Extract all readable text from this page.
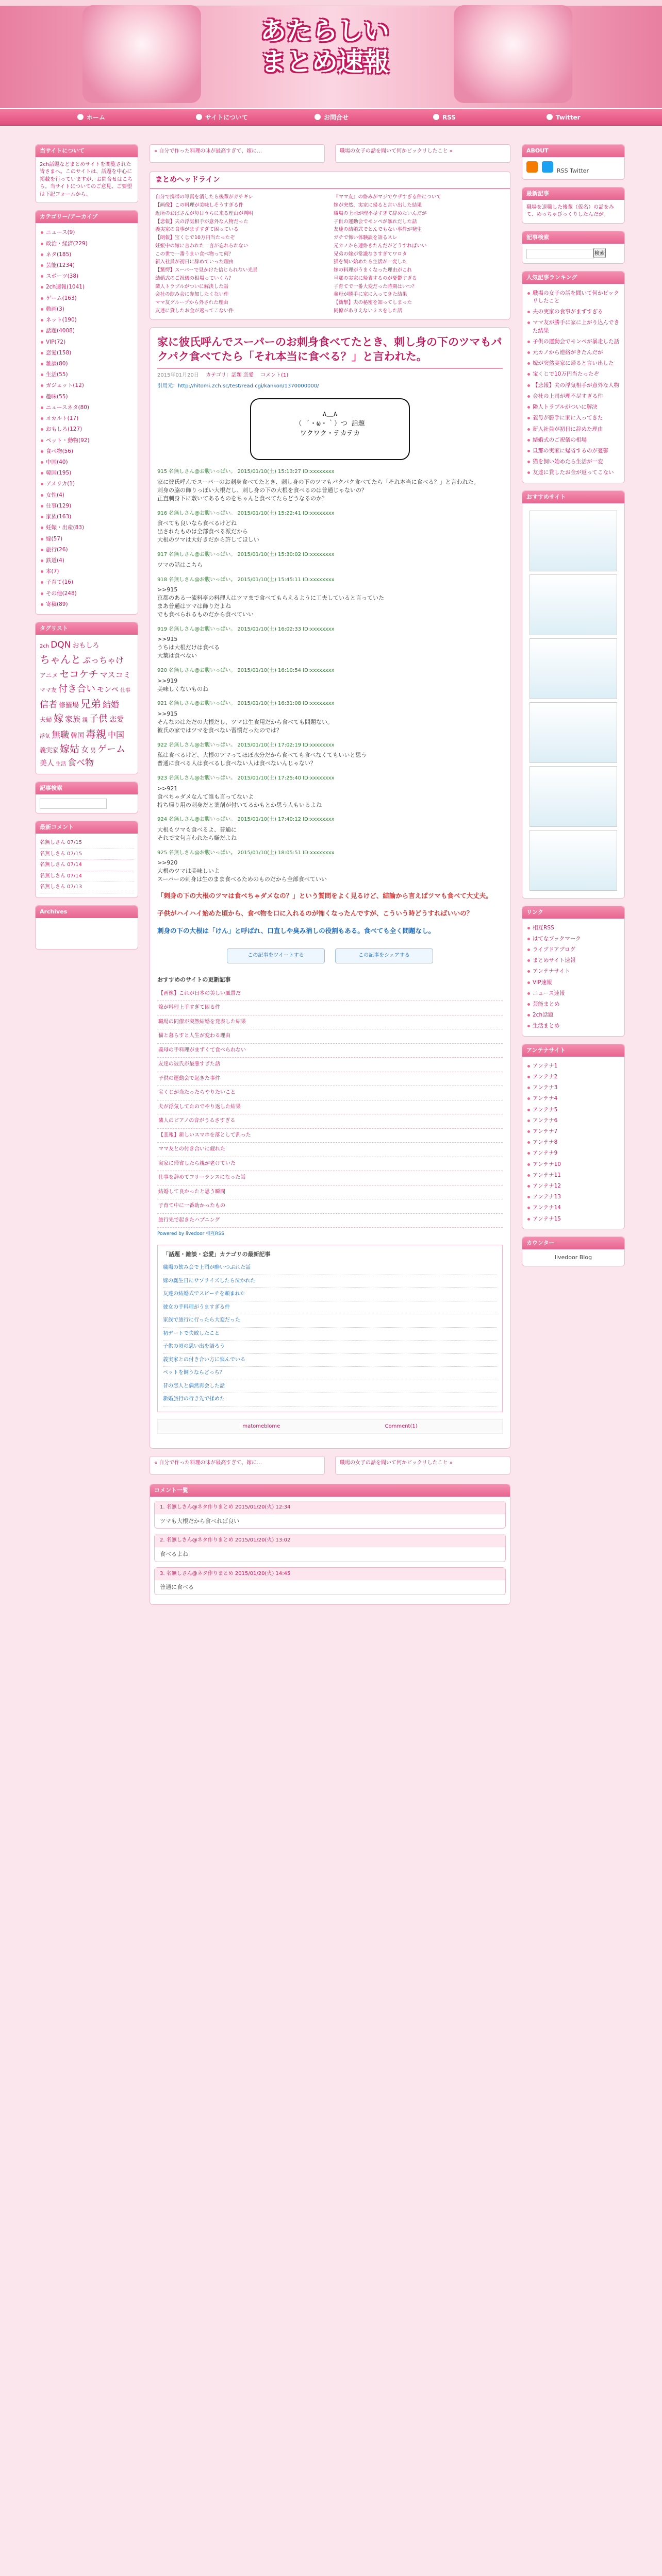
あたらしい
まとめ速報
ホーム	サイトについて	お問合せ	RSS	Twitter
当サイトについて
2ch話題などまとめサイトを閲覧された皆さまへ。このサイトは、話題を中心に掲載を行っていますが、お問合せはこちら。当サイトについてのご意見、ご要望は下記フォームから。
カテゴリー/アーカイブ
ニュース(9)
政治・経済(229)
ネタ(185)
芸能(1234)
スポーツ(38)
2ch速報(1041)
ゲーム(163)
動画(3)
ネット(190)
話題(4008)
VIP(72)
恋愛(158)
雑談(80)
生活(55)
ガジェット(12)
趣味(55)
ニュースネタ(80)
オカルト(17)
おもしろ(127)
ペット・動物(92)
食べ物(56)
中国(40)
韓国(195)
アメリカ(1)
女性(4)
仕事(129)
家族(163)
妊娠・出産(83)
嫁(57)
旅行(26)
鉄道(4)
本(7)
子育て(16)
その他(248)
寄稿(89)
タグリスト
2ch DQN おもしろちゃんと ぶっちゃけアニメ セコケチ マスコミママ友 付き合い モンペ 仕事信者 修羅場 兄弟 結婚夫婦 嫁 家族 親 子供 恋愛浮気 無職 韓国 毒親 中国義実家 嫁姑 女 男 ゲーム美人 生活 食べ物
記事検索
最新コメント
名無しさん 07/15
名無しさん 07/15
名無しさん 07/14
名無しさん 07/14
名無しさん 07/13
Archives
« 自分で作った料理の味が最高すぎて、嫁に…	職場の女子の話を聞いて何かビックリしたこと »
まとめヘッドライン
自分で携帯の写真を消したら後輩がガチギレ	『ママ友』の絡みがマジでウザすぎる件について
【画像】この料理が美味しそうすぎる件	嫁が突然、実家に帰ると言い出した結果
近所のおばさんが毎日うちに来る理由が判明	職場の上司が理不尽すぎて辞めたいんだが
【悲報】夫の浮気相手が意外な人物だった	子供の運動会でモンペが暴れだした話
義実家の食事がまずすぎて困っている	友達の結婚式でとんでもない事件が発生
【朗報】宝くじで10万円当たったぞ	ガチで怖い体験談を語るスレ
妊娠中の嫁に言われた一言が忘れられない	元カノから連絡きたんだがどうすればいい
この世で一番うまい食べ物って何？	兄弟の嫁が常識なさすぎてワロタ
新入社員が初日に辞めていった理由	猫を飼い始めたら生活が一変した
【驚愕】スーパーで見かけた信じられない光景	嫁の料理がうまくなった理由がこれ
結婚式のご祝儀の相場っていくら？	旦那の実家に帰省するのが憂鬱すぎる
隣人トラブルがついに解決した話	子育てで一番大変だった時期はいつ？
会社の飲み会に参加したくない件	義母が勝手に家に入ってきた結果
ママ友グループから外された理由	【衝撃】夫の秘密を知ってしまった
友達に貸したお金が返ってこない件	同僚がありえないミスをした話
家に彼氏呼んでスーパーのお刺身食べてたとき、刺し身の下のツマもパクパク食べてたら「それ本当に食べる？」と言われた。
2015年01月20日 カテゴリ：話題 恋愛 コメント(1)
引用元：http://hitomi.2ch.sc/test/read.cgi/kankon/1370000000/
∧＿∧
（ ´・ω・｀）つ 話題
ワクワク・テカテカ
915 名無しさん@お腹いっぱい。 2015/01/10(土) 15:13:27 ID:xxxxxxxx
家に彼氏呼んでスーパーのお刺身食べてたとき、刺し身の下のツマもパクパク食べてたら「それ本当に食べる？」と言われた。
刺身の脇の飾りっぽい大根だし、刺し身の下の大根を食べるのは普通じゃないの？
正直刺身下に敷いてあるものをちゃんと食べてたらどうなるのか？
916 名無しさん@お腹いっぱい。 2015/01/10(土) 15:22:41 ID:xxxxxxxx
食べても良いなら食べるけどね
出されたものは全部食べる派だから
大根のツマは大好きだから許してほしい
917 名無しさん@お腹いっぱい。 2015/01/10(土) 15:30:02 ID:xxxxxxxx
ツマの話はこちら
918 名無しさん@お腹いっぱい。 2015/01/10(土) 15:45:11 ID:xxxxxxxx
>>915
京都のある一流料亭の料理人はツマまで食べてもらえるように工夫していると言っていた
まあ普通はツマは飾りだよね
でも食べられるものだから食べていい
919 名無しさん@お腹いっぱい。 2015/01/10(土) 16:02:33 ID:xxxxxxxx
>>915
うちは大根だけは食べる
大葉は食べない
920 名無しさん@お腹いっぱい。 2015/01/10(土) 16:10:54 ID:xxxxxxxx
>>919
美味しくないものね
921 名無しさん@お腹いっぱい。 2015/01/10(土) 16:31:08 ID:xxxxxxxx
>>915
そんなのはただの大根だし、ツマは生食用だから食べても問題ない。
彼氏の家ではツマを食べない習慣だったのでは？
922 名無しさん@お腹いっぱい。 2015/01/10(土) 17:02:19 ID:xxxxxxxx
私は食べるけど、大根のツマってほぼ水分だから食べても食べなくてもいいと思う
普通に食べる人は食べるし食べない人は食べないんじゃない？
923 名無しさん@お腹いっぱい。 2015/01/10(土) 17:25:40 ID:xxxxxxxx
>>921
食べちゃダメなんて誰も言ってないよ
持ち帰り用の刺身だと薬剤が付いてるかもとか思う人もいるよね
924 名無しさん@お腹いっぱい。 2015/01/10(土) 17:40:12 ID:xxxxxxxx
大根もツマも食べるよ、普通に
それで文句言われたら嫌だよね
925 名無しさん@お腹いっぱい。 2015/01/10(土) 18:05:51 ID:xxxxxxxx
>>920
大根のツマは美味しいよ
スーパーの刺身は生のまま食べるためのものだから全部食べていい
「刺身の下の大根のツマは食べちゃダメなの？」という質問をよく見るけど、結論から言えばツマも食べて大丈夫。
子供がハイハイ始めた頃から、食べ物を口に入れるのが怖くなったんですが、こういう時どうすればいいの？
刺身の下の大根は「けん」と呼ばれ、口直しや臭み消しの役割もある。食べても全く問題なし。
この記事をツイートする	この記事をシェアする
おすすめのサイトの更新記事
【画像】これが日本の美しい風景だ
嫁が料理上手すぎて困る件
職場の同僚が突然結婚を発表した結果
猫と暮らすと人生が変わる理由
義母の手料理がまずくて食べられない
友達の彼氏が最悪すぎた話
子供の運動会で起きた事件
宝くじが当たったらやりたいこと
夫が浮気してたのでやり返した結果
隣人のピアノの音がうるさすぎる
【悲報】新しいスマホを落として割った
ママ友との付き合いに疲れた
実家に帰省したら親が老けていた
仕事を辞めてフリーランスになった話
結婚して良かったと思う瞬間
子育て中に一番助かったもの
旅行先で起きたハプニング
Powered by livedoor 相互RSS
「話題・雑談・恋愛」カテゴリの最新記事
職場の飲み会で上司が酔いつぶれた話
嫁の誕生日にサプライズしたら泣かれた
友達の結婚式でスピーチを頼まれた
彼女の手料理がうますぎる件
家族で旅行に行ったら大変だった
初デートで失敗したこと
子供の頃の思い出を語ろう
義実家との付き合い方に悩んでいる
ペットを飼うならどっち？
昔の恋人と偶然再会した話
新婚旅行の行き先で揉めた
matomeblome	Comment(1)
« 自分で作った料理の味が最高すぎて、嫁に…	職場の女子の話を聞いて何かビックリしたこと »
コメント一覧
1. 名無しさん@ネタ作りまとめ 2015/01/20(火) 12:34
ツマも大根だから食べれば良い
2. 名無しさん@ネタ作りまとめ 2015/01/20(火) 13:02
食べるよね
3. 名無しさん@ネタ作りまとめ 2015/01/20(火) 14:45
普通に食べる
ABOUT
RSS Twitter
最新記事
職場を退職した後輩（仮名）の話をみて、めっちゃびっくりしたんだが。
記事検索
検索
人気記事ランキング
職場の女子の話を聞いて何かビックリしたこと
夫の実家の食事がまずすぎる
ママ友が勝手に家に上がり込んできた結果
子供の運動会でモンペが暴走した話
元カノから連絡がきたんだが
嫁が突然実家に帰ると言い出した
宝くじで10万円当たったぞ
【悲報】夫の浮気相手が意外な人物
会社の上司が理不尽すぎる件
隣人トラブルがついに解決
義母が勝手に家に入ってきた
新入社員が初日に辞めた理由
結婚式のご祝儀の相場
旦那の実家に帰省するのが憂鬱
猫を飼い始めたら生活が一変
友達に貸したお金が返ってこない
おすすめサイト
リンク
相互RSS
はてなブックマーク
ライブドアブログ
まとめサイト速報
アンテナサイト
VIP速報
ニュース速報
芸能まとめ
2ch話題
生活まとめ
アンテナサイト
アンテナ1
アンテナ2
アンテナ3
アンテナ4
アンテナ5
アンテナ6
アンテナ7
アンテナ8
アンテナ9
アンテナ10
アンテナ11
アンテナ12
アンテナ13
アンテナ14
アンテナ15
カウンター
livedoor Blog
